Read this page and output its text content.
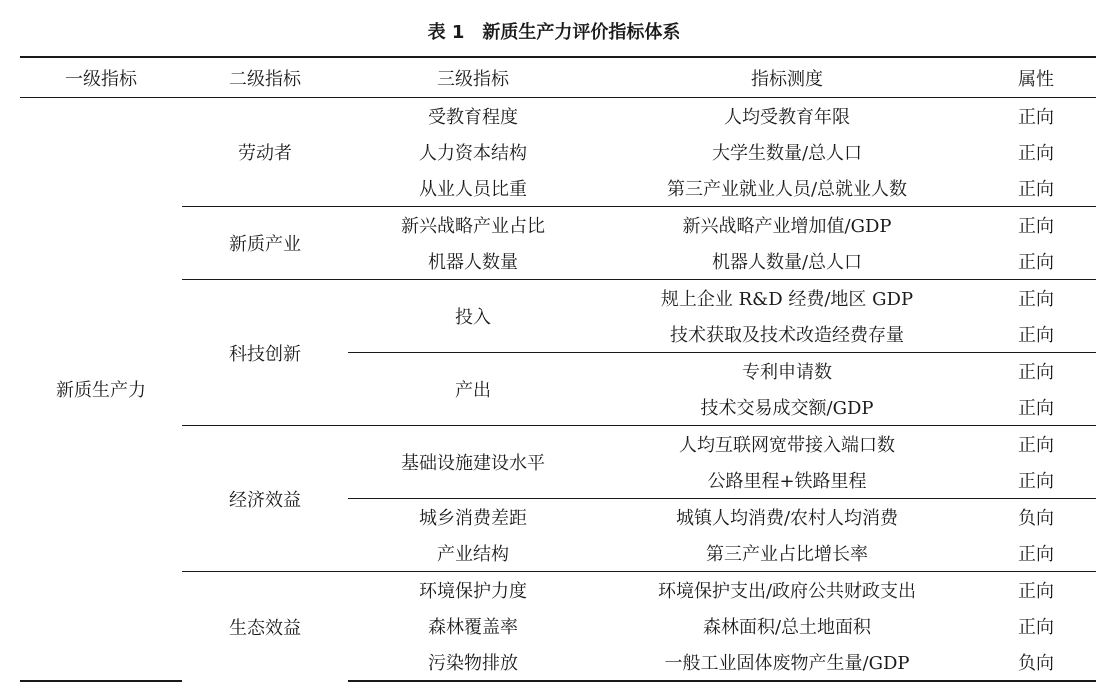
表 1　新质生产力评价指标体系
一级指标	二级指标	三级指标	指标测度	属性
新质生产力	劳动者	受教育程度	人均受教育年限	正向
		人力资本结构	大学生数量/总人口	正向
		从业人员比重	第三产业就业人员/总就业人数	正向
	新质产业	新兴战略产业占比	新兴战略产业增加值/GDP	正向
		机器人数量	机器人数量/总人口	正向
	科技创新	投入	规上企业 R&D 经费/地区 GDP	正向
			技术获取及技术改造经费存量	正向
		产出	专利申请数	正向
			技术交易成交额/GDP	正向
	经济效益	基础设施建设水平	人均互联网宽带接入端口数	正向
			公路里程+铁路里程	正向
		城乡消费差距	城镇人均消费/农村人均消费	负向
		产业结构	第三产业占比增长率	正向
	生态效益	环境保护力度	环境保护支出/政府公共财政支出	正向
		森林覆盖率	森林面积/总土地面积	正向
		污染物排放	一般工业固体废物产生量/GDP	负向
